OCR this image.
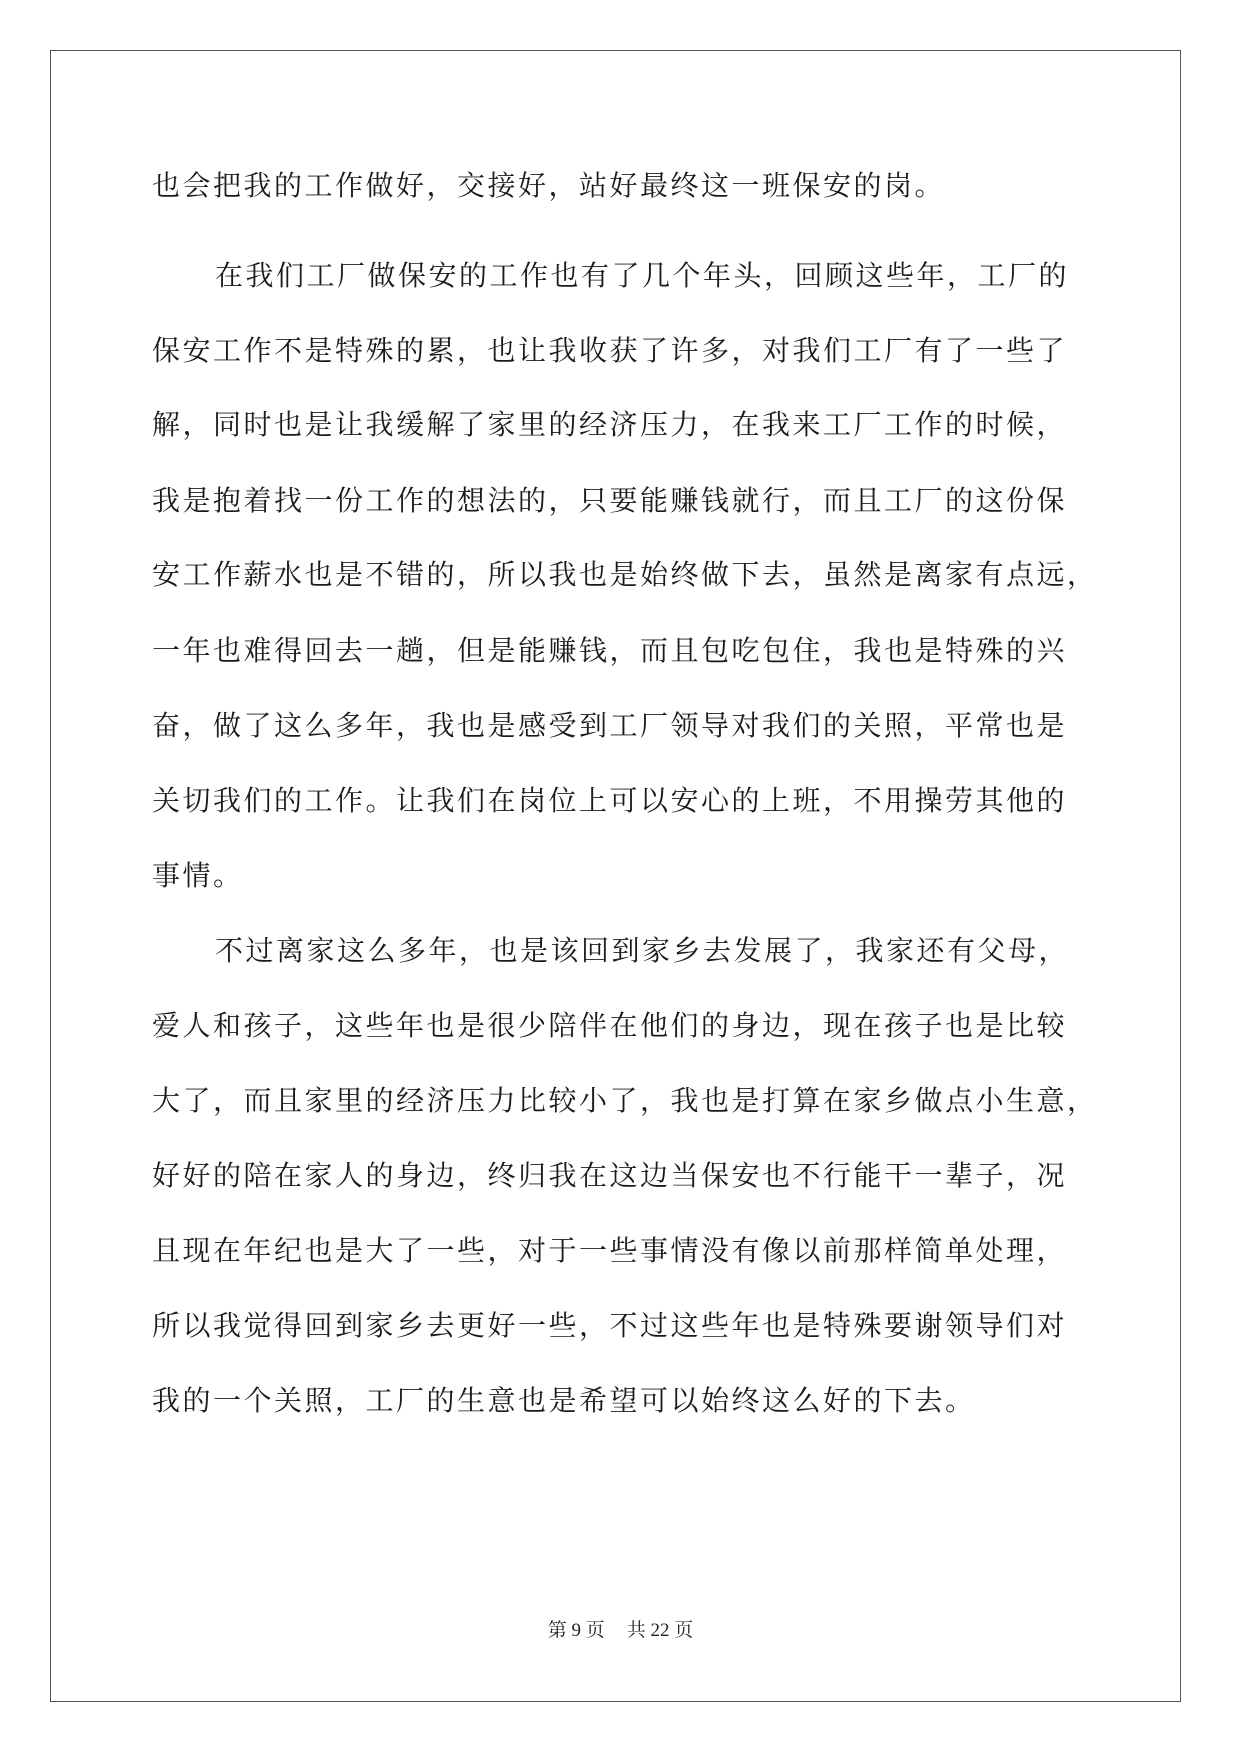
也会把我的工作做好，交接好，站好最终这一班保安的岗。
在我们工厂做保安的工作也有了几个年头，回顾这些年，工厂的
保安工作不是特殊的累，也让我收获了许多，对我们工厂有了一些了
解，同时也是让我缓解了家里的经济压力，在我来工厂工作的时候，
我是抱着找一份工作的想法的，只要能赚钱就行，而且工厂的这份保
安工作薪水也是不错的，所以我也是始终做下去，虽然是离家有点远，
一年也难得回去一趟，但是能赚钱，而且包吃包住，我也是特殊的兴
奋，做了这么多年，我也是感受到工厂领导对我们的关照，平常也是
关切我们的工作。让我们在岗位上可以安心的上班，不用操劳其他的
事情。
不过离家这么多年，也是该回到家乡去发展了，我家还有父母，
爱人和孩子，这些年也是很少陪伴在他们的身边，现在孩子也是比较
大了，而且家里的经济压力比较小了，我也是打算在家乡做点小生意，
好好的陪在家人的身边，终归我在这边当保安也不行能干一辈子，况
且现在年纪也是大了一些，对于一些事情没有像以前那样简单处理，
所以我觉得回到家乡去更好一些，不过这些年也是特殊要谢领导们对
我的一个关照，工厂的生意也是希望可以始终这么好的下去。
第 9 页 共 22 页
